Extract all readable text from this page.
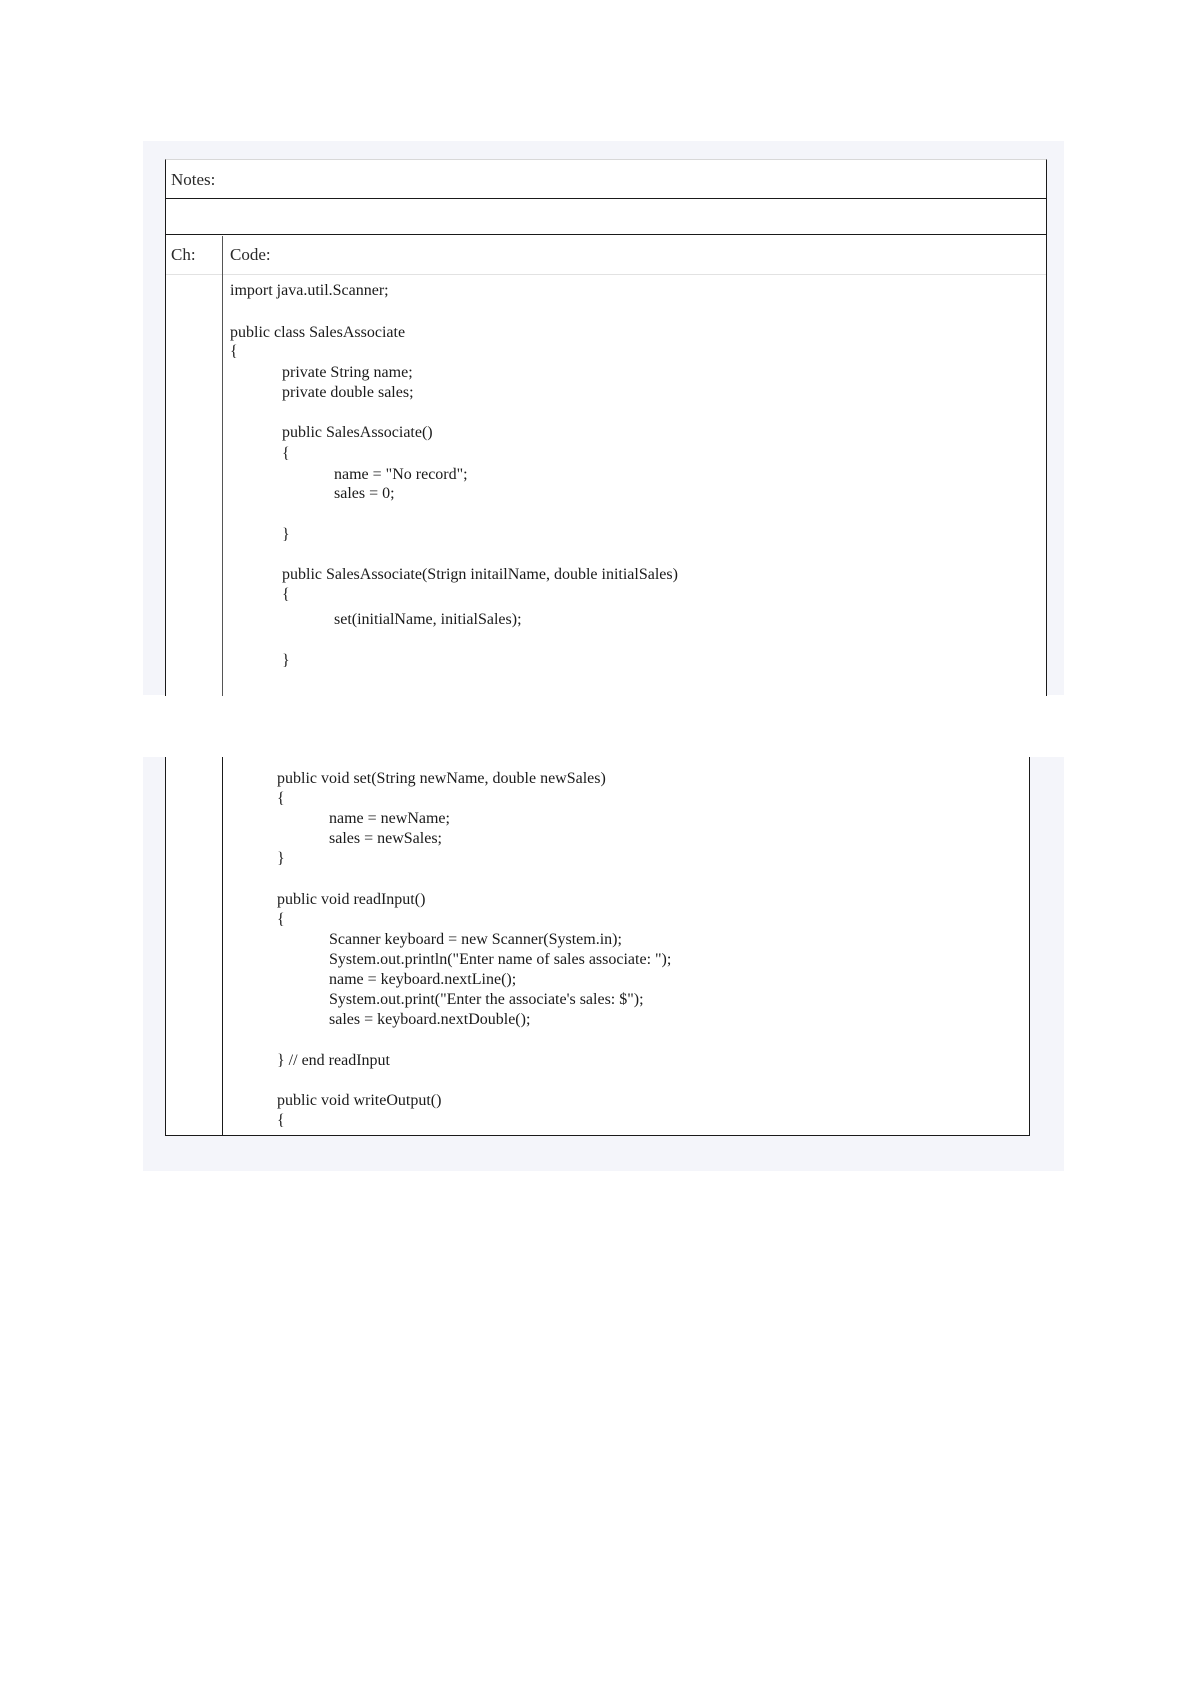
Notes:
Ch: Code:
import java.util.Scanner;
public class SalesAssociate
{
private String name;
private double sales;
public SalesAssociate()
{
name = "No record";
sales = 0;
}
public SalesAssociate(Strign initailName, double initialSales)
{
set(initialName, initialSales);
}
public void set(String newName, double newSales)
{
name = newName;
sales = newSales;
}
public void readInput()
{
Scanner keyboard = new Scanner(System.in);
System.out.println("Enter name of sales associate: ");
name = keyboard.nextLine();
System.out.print("Enter the associate's sales: $");
sales = keyboard.nextDouble();
} // end readInput
public void writeOutput()
{
